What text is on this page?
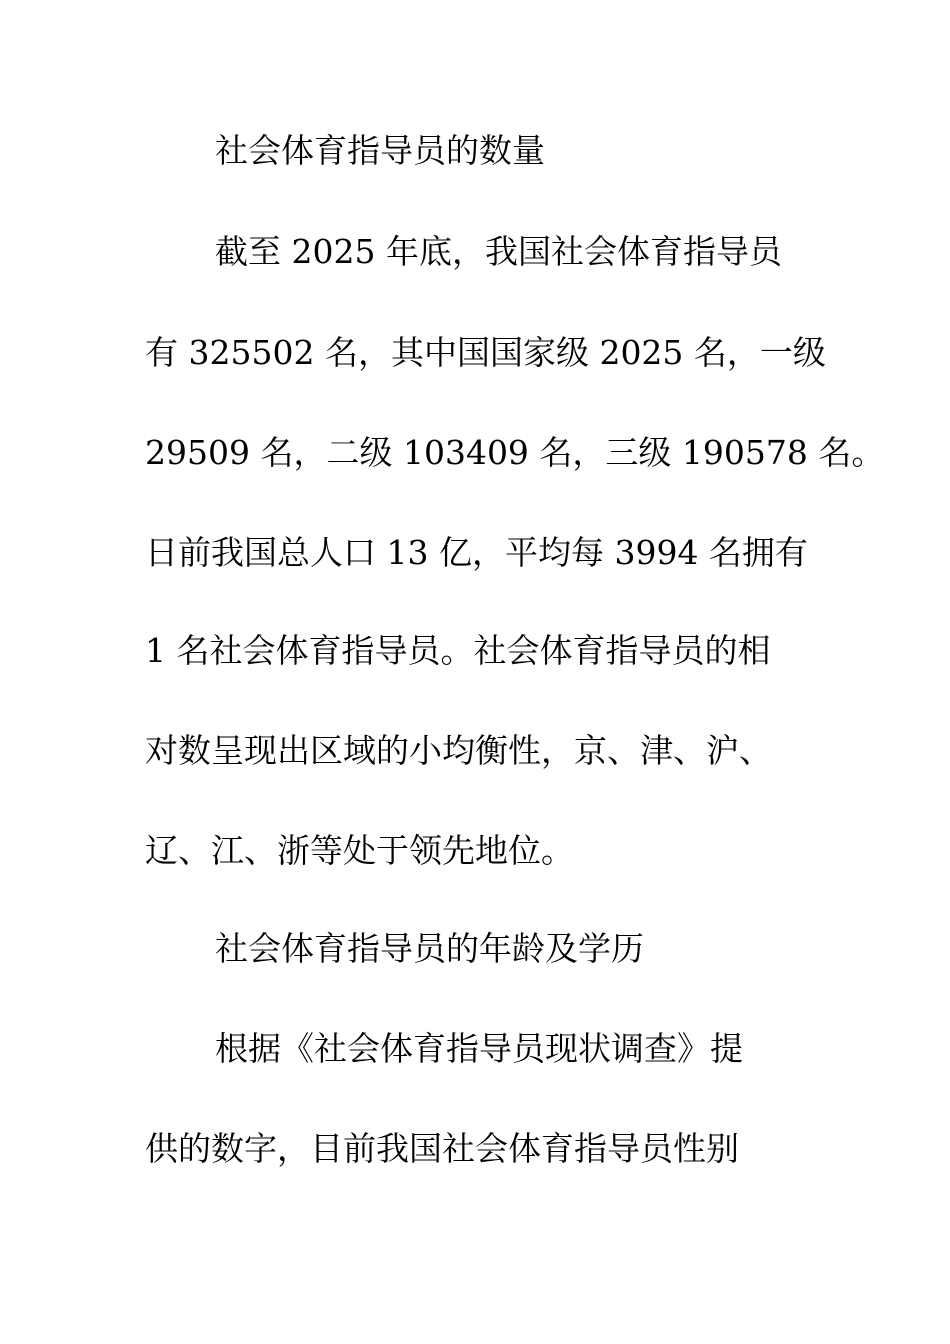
社会体育指导员的数量
截至 2025 年底，我国社会体育指导员
有 325502 名，其中国国家级 2025 名，一级
29509 名，二级 103409 名，三级 190578 名。
日前我国总人口 13 亿，平均每 3994 名拥有
1 名社会体育指导员。社会体育指导员的相
对数呈现出区域的小均衡性，京、津、沪、
辽、江、浙等处于领先地位。
社会体育指导员的年龄及学历
根据《社会体育指导员现状调查》提
供的数字，目前我国社会体育指导员性别
